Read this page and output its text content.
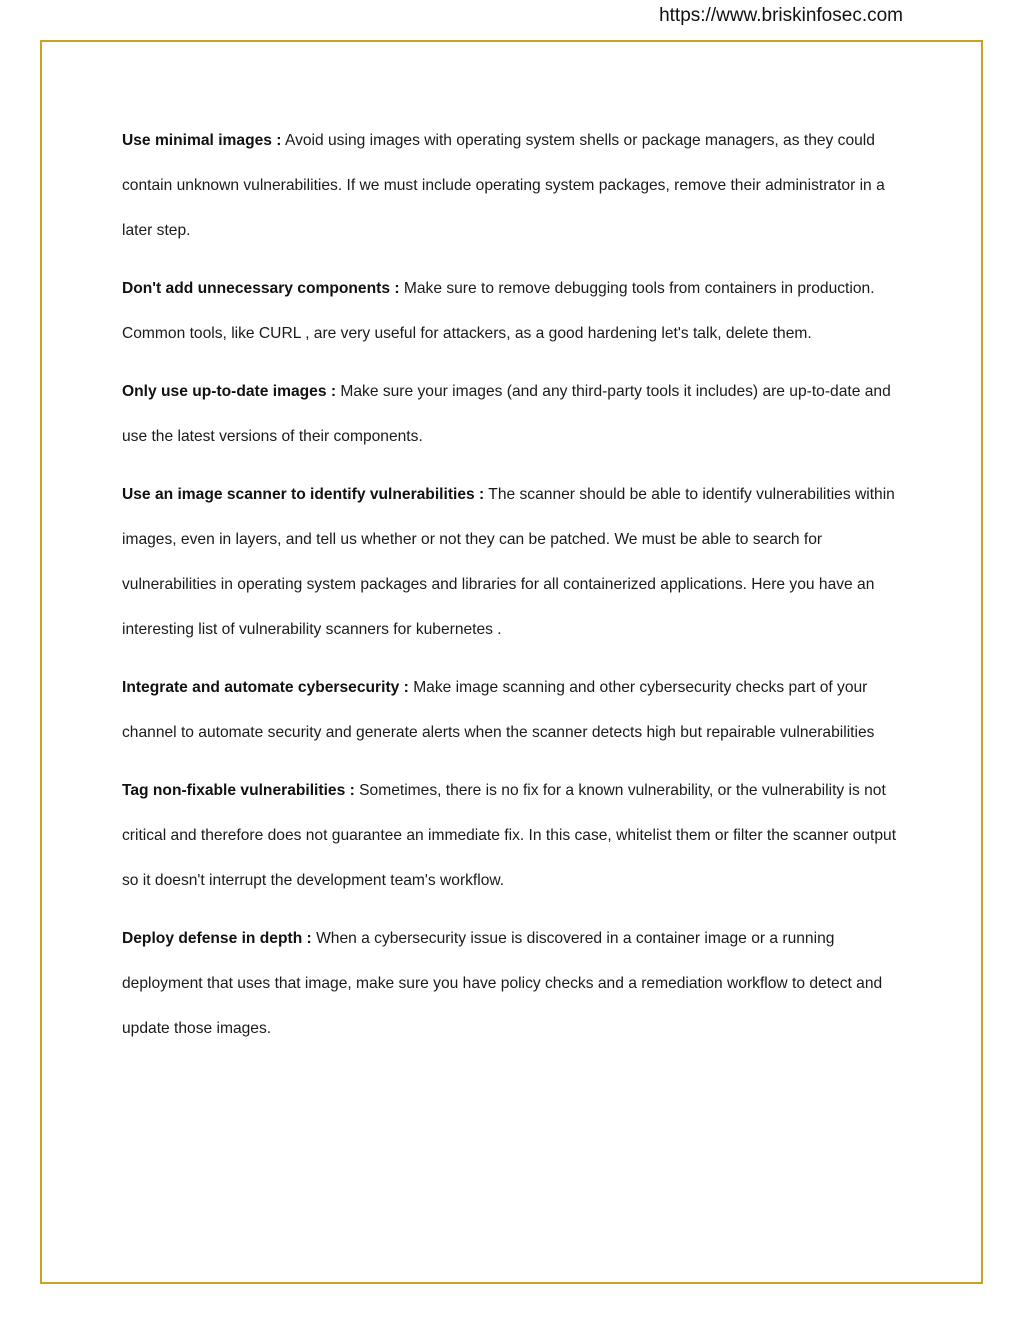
https://www.briskinfosec.com

Use minimal images : Avoid using images with operating system shells or package managers, as they could contain unknown vulnerabilities. If we must include operating system packages, remove their administrator in a later step.

Don't add unnecessary components : Make sure to remove debugging tools from containers in production. Common tools, like CURL , are very useful for attackers, as a good hardening let's talk, delete them.

Only use up-to-date images : Make sure your images (and any third-party tools it includes) are up-to-date and use the latest versions of their components.

Use an image scanner to identify vulnerabilities : The scanner should be able to identify vulnerabilities within images, even in layers, and tell us whether or not they can be patched. We must be able to search for vulnerabilities in operating system packages and libraries for all containerized applications. Here you have an interesting list of vulnerability scanners for kubernetes .

Integrate and automate cybersecurity : Make image scanning and other cybersecurity checks part of your channel to automate security and generate alerts when the scanner detects high but repairable vulnerabilities

Tag non-fixable vulnerabilities : Sometimes, there is no fix for a known vulnerability, or the vulnerability is not critical and therefore does not guarantee an immediate fix. In this case, whitelist them or filter the scanner output so it doesn't interrupt the development team's workflow.

Deploy defense in depth : When a cybersecurity issue is discovered in a container image or a running deployment that uses that image, make sure you have policy checks and a remediation workflow to detect and update those images.
